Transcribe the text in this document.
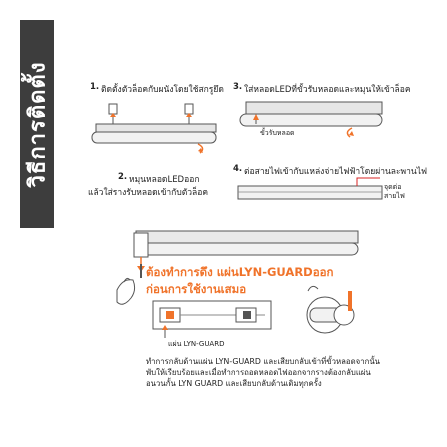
วิธีการติดตั้ง	1. ติดตั้งตัวล็อคกับผนังโดยใช้สกรูยึด
2. หมุนหลอดLEDออก
แล้วใส่รางรับหลอดเข้ากับตัวล็อค
3. ใส่หลอดLEDที่ขั้วรับหลอดและหมุนให้เข้าล็อค
ขั้วรับหลอด
4. ต่อสายไฟเข้ากับแหล่งจ่ายไฟฟ้าโดยผ่านละพานไฟ
จุดต่อ
สายไฟ
ต้องทำการดึง แผ่นLYN-GUARDออก
ก่อนการใช้งานเสมอ
แผ่น LYN-GUARD
ทำการกลับด้านแผ่น LYN-GUARD และเสียบกลับเข้าที่ขั้วหลอดจากนั้น
พับให้เรียบร้อยและเมื่อทำการถอดหลอดไฟออกจากรางต้องกลับแผ่น
อนวนกั้น LYN GUARD และเสียบกลับด้านเดิมทุกครั้ง
